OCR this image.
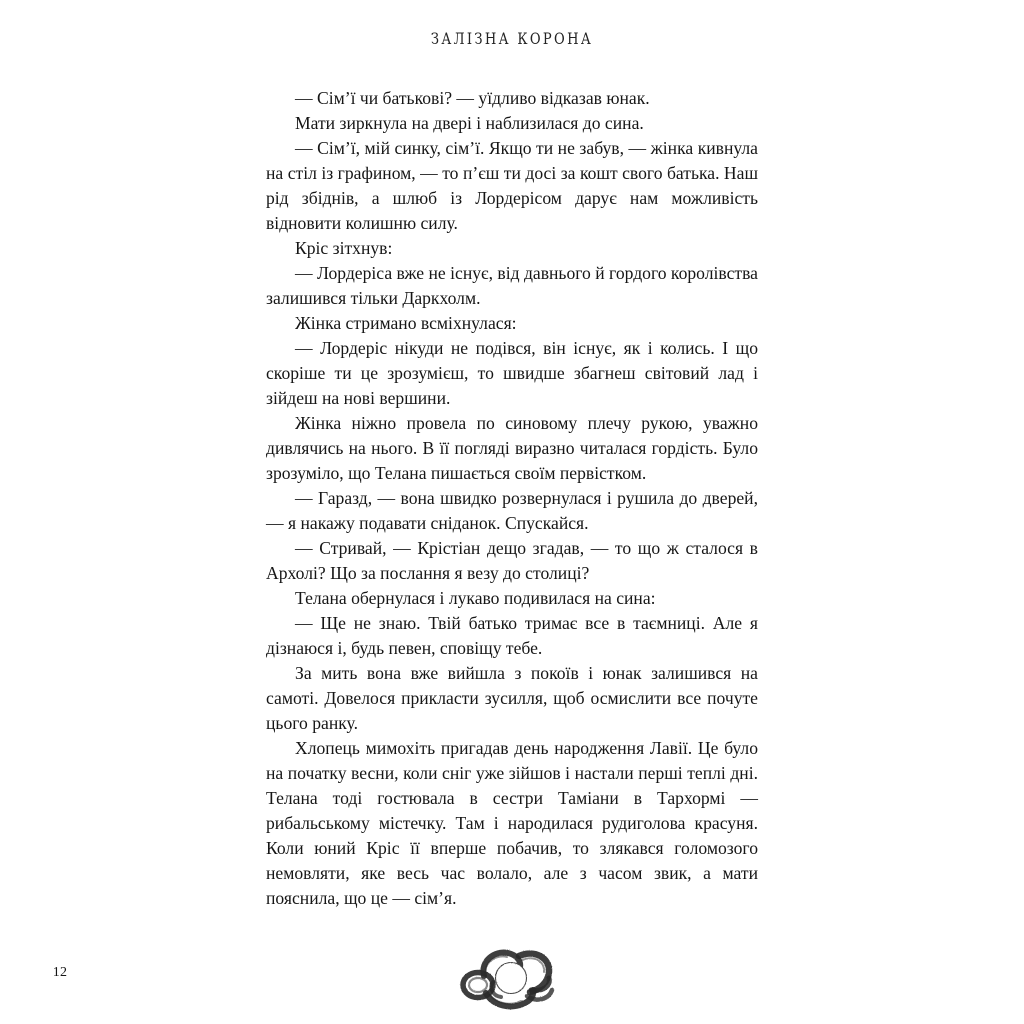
ЗАЛІЗНА КОРОНА

— Сім’ї чи батькові? — уїдливо відказав юнак.

Мати зиркнула на двері і наблизилася до сина.

— Сім’ї, мій синку, сім’ї. Якщо ти не забув, — жінка кивнула на стіл із графином, — то п’єш ти досі за кошт свого батька. Наш рід збіднів, а шлюб із Лордерісом дарує нам можливість відновити колишню силу.

Кріс зітхнув:

— Лордеріса вже не існує, від давнього й гордого королівства залишився тільки Даркхолм.

Жінка стримано всміхнулася:

— Лордеріс нікуди не подівся, він існує, як і колись. І що скоріше ти це зрозумієш, то швидше збагнеш світовий лад і зійдеш на нові вершини.

Жінка ніжно провела по синовому плечу рукою, уважно дивлячись на нього. В її погляді виразно читалася гордість. Було зрозуміло, що Телана пишається своїм первістком.

— Гаразд, — вона швидко розвернулася і рушила до дверей, — я накажу подавати сніданок. Спускайся.

— Стривай, — Крістіан дещо згадав, — то що ж сталося в Архолі? Що за послання я везу до столиці?

Телана обернулася і лукаво подивилася на сина:

— Ще не знаю. Твій батько тримає все в таємниці. Але я дізнаюся і, будь певен, сповіщу тебе.

За мить вона вже вийшла з покоїв і юнак залишився на самоті. Довелося прикласти зусилля, щоб осмислити все почуте цього ранку.

Хлопець мимохіть пригадав день народження Лавії. Це було на початку весни, коли сніг уже зійшов і настали перші теплі дні. Телана тоді гостювала в сестри Таміани в Тархормі — рибальському містечку. Там і народилася рудиголова красуня. Коли юний Кріс її вперше побачив, то злякався голомозого немовляти, яке весь час волало, але з часом звик, а мати пояснила, що це — сім’я.

12
